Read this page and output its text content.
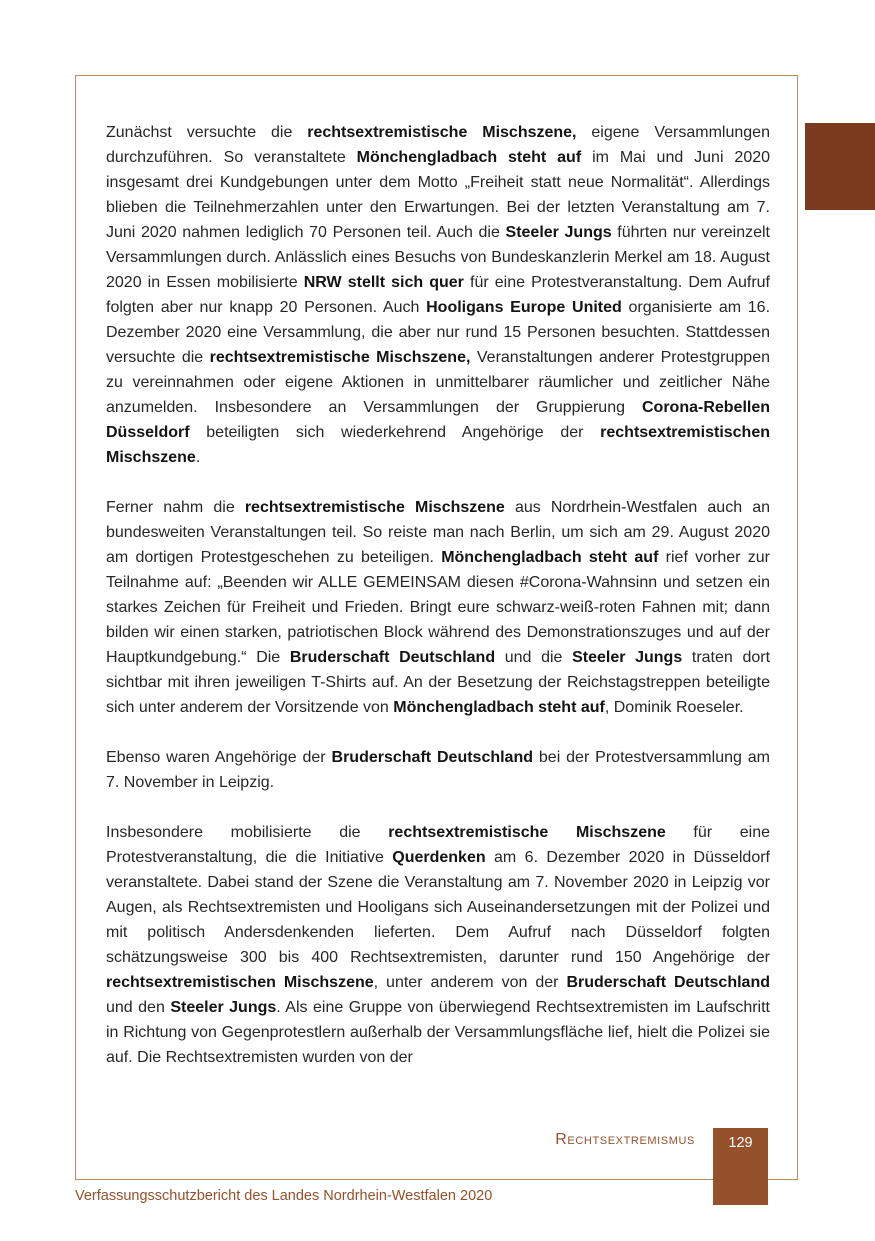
Zunächst versuchte die rechtsextremistische Mischszene, eigene Versammlungen durchzuführen. So veranstaltete Mönchengladbach steht auf im Mai und Juni 2020 insgesamt drei Kundgebungen unter dem Motto „Freiheit statt neue Normalität“. Allerdings blieben die Teilnehmerzahlen unter den Erwartungen. Bei der letzten Veranstaltung am 7. Juni 2020 nahmen lediglich 70 Personen teil. Auch die Steeler Jungs führten nur vereinzelt Versammlungen durch. Anlässlich eines Besuchs von Bundeskanzlerin Merkel am 18. August 2020 in Essen mobilisierte NRW stellt sich quer für eine Protestveranstaltung. Dem Aufruf folgten aber nur knapp 20 Personen. Auch Hooligans Europe United organisierte am 16. Dezember 2020 eine Versammlung, die aber nur rund 15 Personen besuchten. Stattdessen versuchte die rechtsextremistische Mischszene, Veranstaltungen anderer Protestgruppen zu vereinnahmen oder eigene Aktionen in unmittelbarer räumlicher und zeitlicher Nähe anzumelden. Insbesondere an Versammlungen der Gruppierung Corona-Rebellen Düsseldorf beteiligten sich wiederkehrend Angehörige der rechtsextremistischen Mischszene.

Ferner nahm die rechtsextremistische Mischszene aus Nordrhein-Westfalen auch an bundesweiten Veranstaltungen teil. So reiste man nach Berlin, um sich am 29. August 2020 am dortigen Protestgeschehen zu beteiligen. Mönchengladbach steht auf rief vorher zur Teilnahme auf: „Beenden wir ALLE GEMEINSAM diesen #Corona-Wahnsinn und setzen ein starkes Zeichen für Freiheit und Frieden. Bringt eure schwarz-weiß-roten Fahnen mit; dann bilden wir einen starken, patriotischen Block während des Demonstrationszuges und auf der Hauptkundgebung.“ Die Bruderschaft Deutschland und die Steeler Jungs traten dort sichtbar mit ihren jeweiligen T-Shirts auf. An der Besetzung der Reichstagstreppen beteiligte sich unter anderem der Vorsitzende von Mönchengladbach steht auf, Dominik Roeseler.

Ebenso waren Angehörige der Bruderschaft Deutschland bei der Protestversammlung am 7. November in Leipzig.

Insbesondere mobilisierte die rechtsextremistische Mischszene für eine Protestveranstaltung, die die Initiative Querdenken am 6. Dezember 2020 in Düsseldorf veranstaltete. Dabei stand der Szene die Veranstaltung am 7. November 2020 in Leipzig vor Augen, als Rechtsextremisten und Hooligans sich Auseinandersetzungen mit der Polizei und mit politisch Andersdenkenden lieferten. Dem Aufruf nach Düsseldorf folgten schätzungsweise 300 bis 400 Rechtsextremisten, darunter rund 150 Angehörige der rechtsextremistischen Mischszene, unter anderem von der Bruderschaft Deutschland und den Steeler Jungs. Als eine Gruppe von überwiegend Rechtsextremisten im Laufschritt in Richtung von Gegenprotestlern außerhalb der Versammlungsfläche lief, hielt die Polizei sie auf. Die Rechtsextremisten wurden von der

Rechtsextremismus	129
Verfassungsschutzbericht des Landes Nordrhein-Westfalen 2020
